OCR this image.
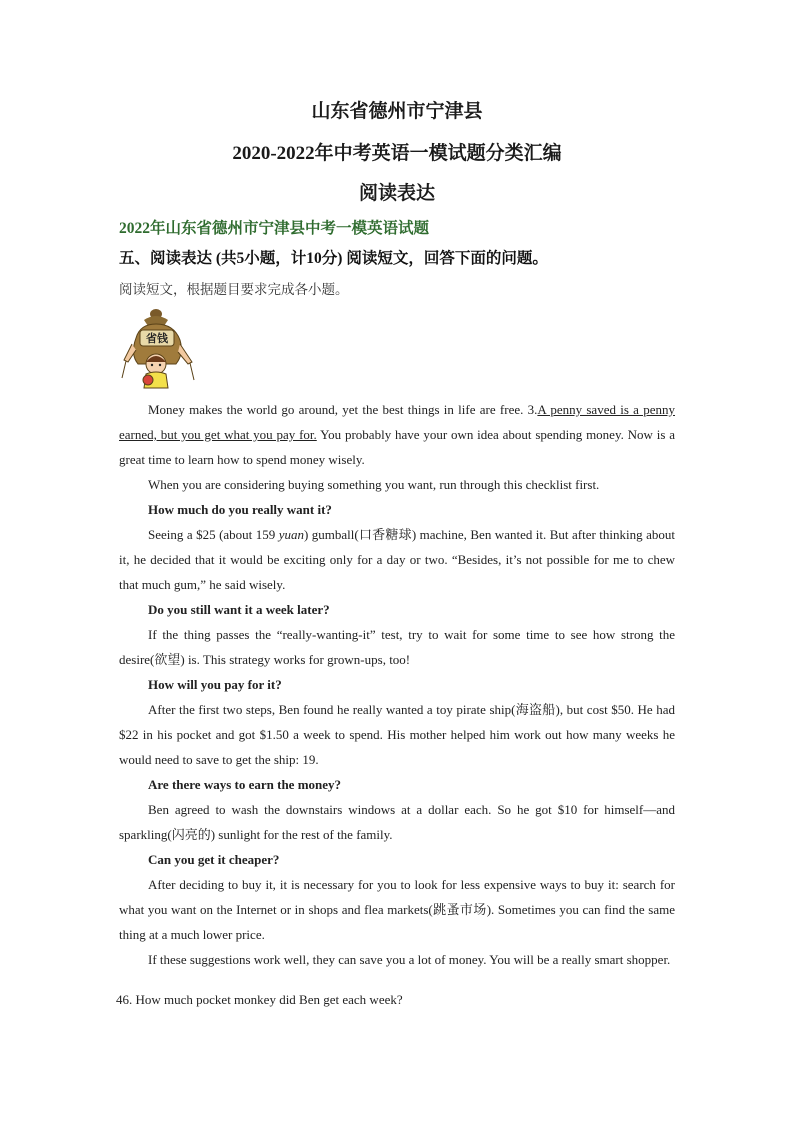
山东省德州市宁津县
2020-2022年中考英语一模试题分类汇编
阅读表达
2022年山东省德州市宁津县中考一模英语试题
五、阅读表达 (共5小题，计10分) 阅读短文，回答下面的问题。
阅读短文，根据题目要求完成各小题。
省钱

Money makes the world go around, yet the best things in life are free. 3.A penny saved is a penny earned, but you get what you pay for. You probably have your own idea about spending money. Now is a great time to learn how to spend money wisely.

When you are considering buying something you want, run through this checklist first.

How much do you really want it?

Seeing a $25 (about 159 yuan) gumball(口香糖球) machine, Ben wanted it. But after thinking about it, he decided that it would be exciting only for a day or two. “Besides, it’s not possible for me to chew that much gum,” he said wisely.

Do you still want it a week later?

If the thing passes the “really-wanting-it” test, try to wait for some time to see how strong the desire(欲望) is. This strategy works for grown-ups, too!

How will you pay for it?

After the first two steps, Ben found he really wanted a toy pirate ship(海盗船), but cost $50. He had $22 in his pocket and got $1.50 a week to spend. His mother helped him work out how many weeks he would need to save to get the ship: 19.

Are there ways to earn the money?

Ben agreed to wash the downstairs windows at a dollar each. So he got $10 for himself—and sparkling(闪亮的) sunlight for the rest of the family.

Can you get it cheaper?

After deciding to buy it, it is necessary for you to look for less expensive ways to buy it: search for what you want on the Internet or in shops and flea markets(跳蚤市场). Sometimes you can find the same thing at a much lower price.

If these suggestions work well, they can save you a lot of money. You will be a really smart shopper.

46. How much pocket monkey did Ben get each week?
